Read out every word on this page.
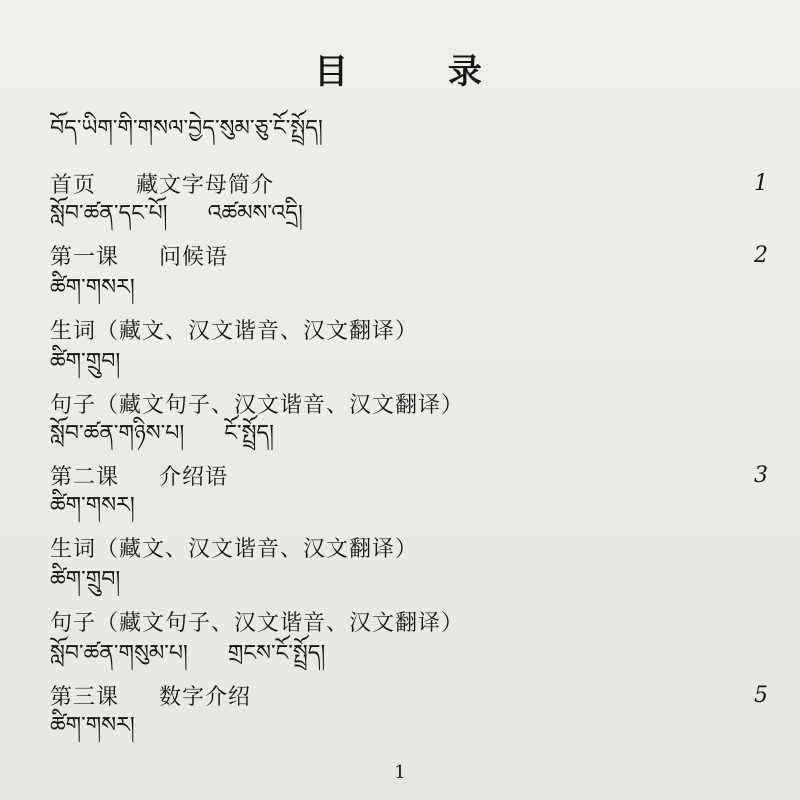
目 录
བོད་ཡིག་གི་གསལ་བྱེད་སུམ་ཅུ་ངོ་སྤྲོད།
首页 藏文字母简介	1
སློབ་ཚན་དང་པོ། འཚམས་འདྲི།
第一课 问候语	2
ཚིག་གསར།
生词（藏文、汉文谐音、汉文翻译）
ཚིག་གྲུབ།
句子（藏文句子、汉文谐音、汉文翻译）
སློབ་ཚན་གཉིས་པ། ངོ་སྤྲོད།
第二课 介绍语	3
ཚིག་གསར།
生词（藏文、汉文谐音、汉文翻译）
ཚིག་གྲུབ།
句子（藏文句子、汉文谐音、汉文翻译）
སློབ་ཚན་གསུམ་པ། གྲངས་ངོ་སྤྲོད།
第三课 数字介绍	5
ཚིག་གསར།
1
